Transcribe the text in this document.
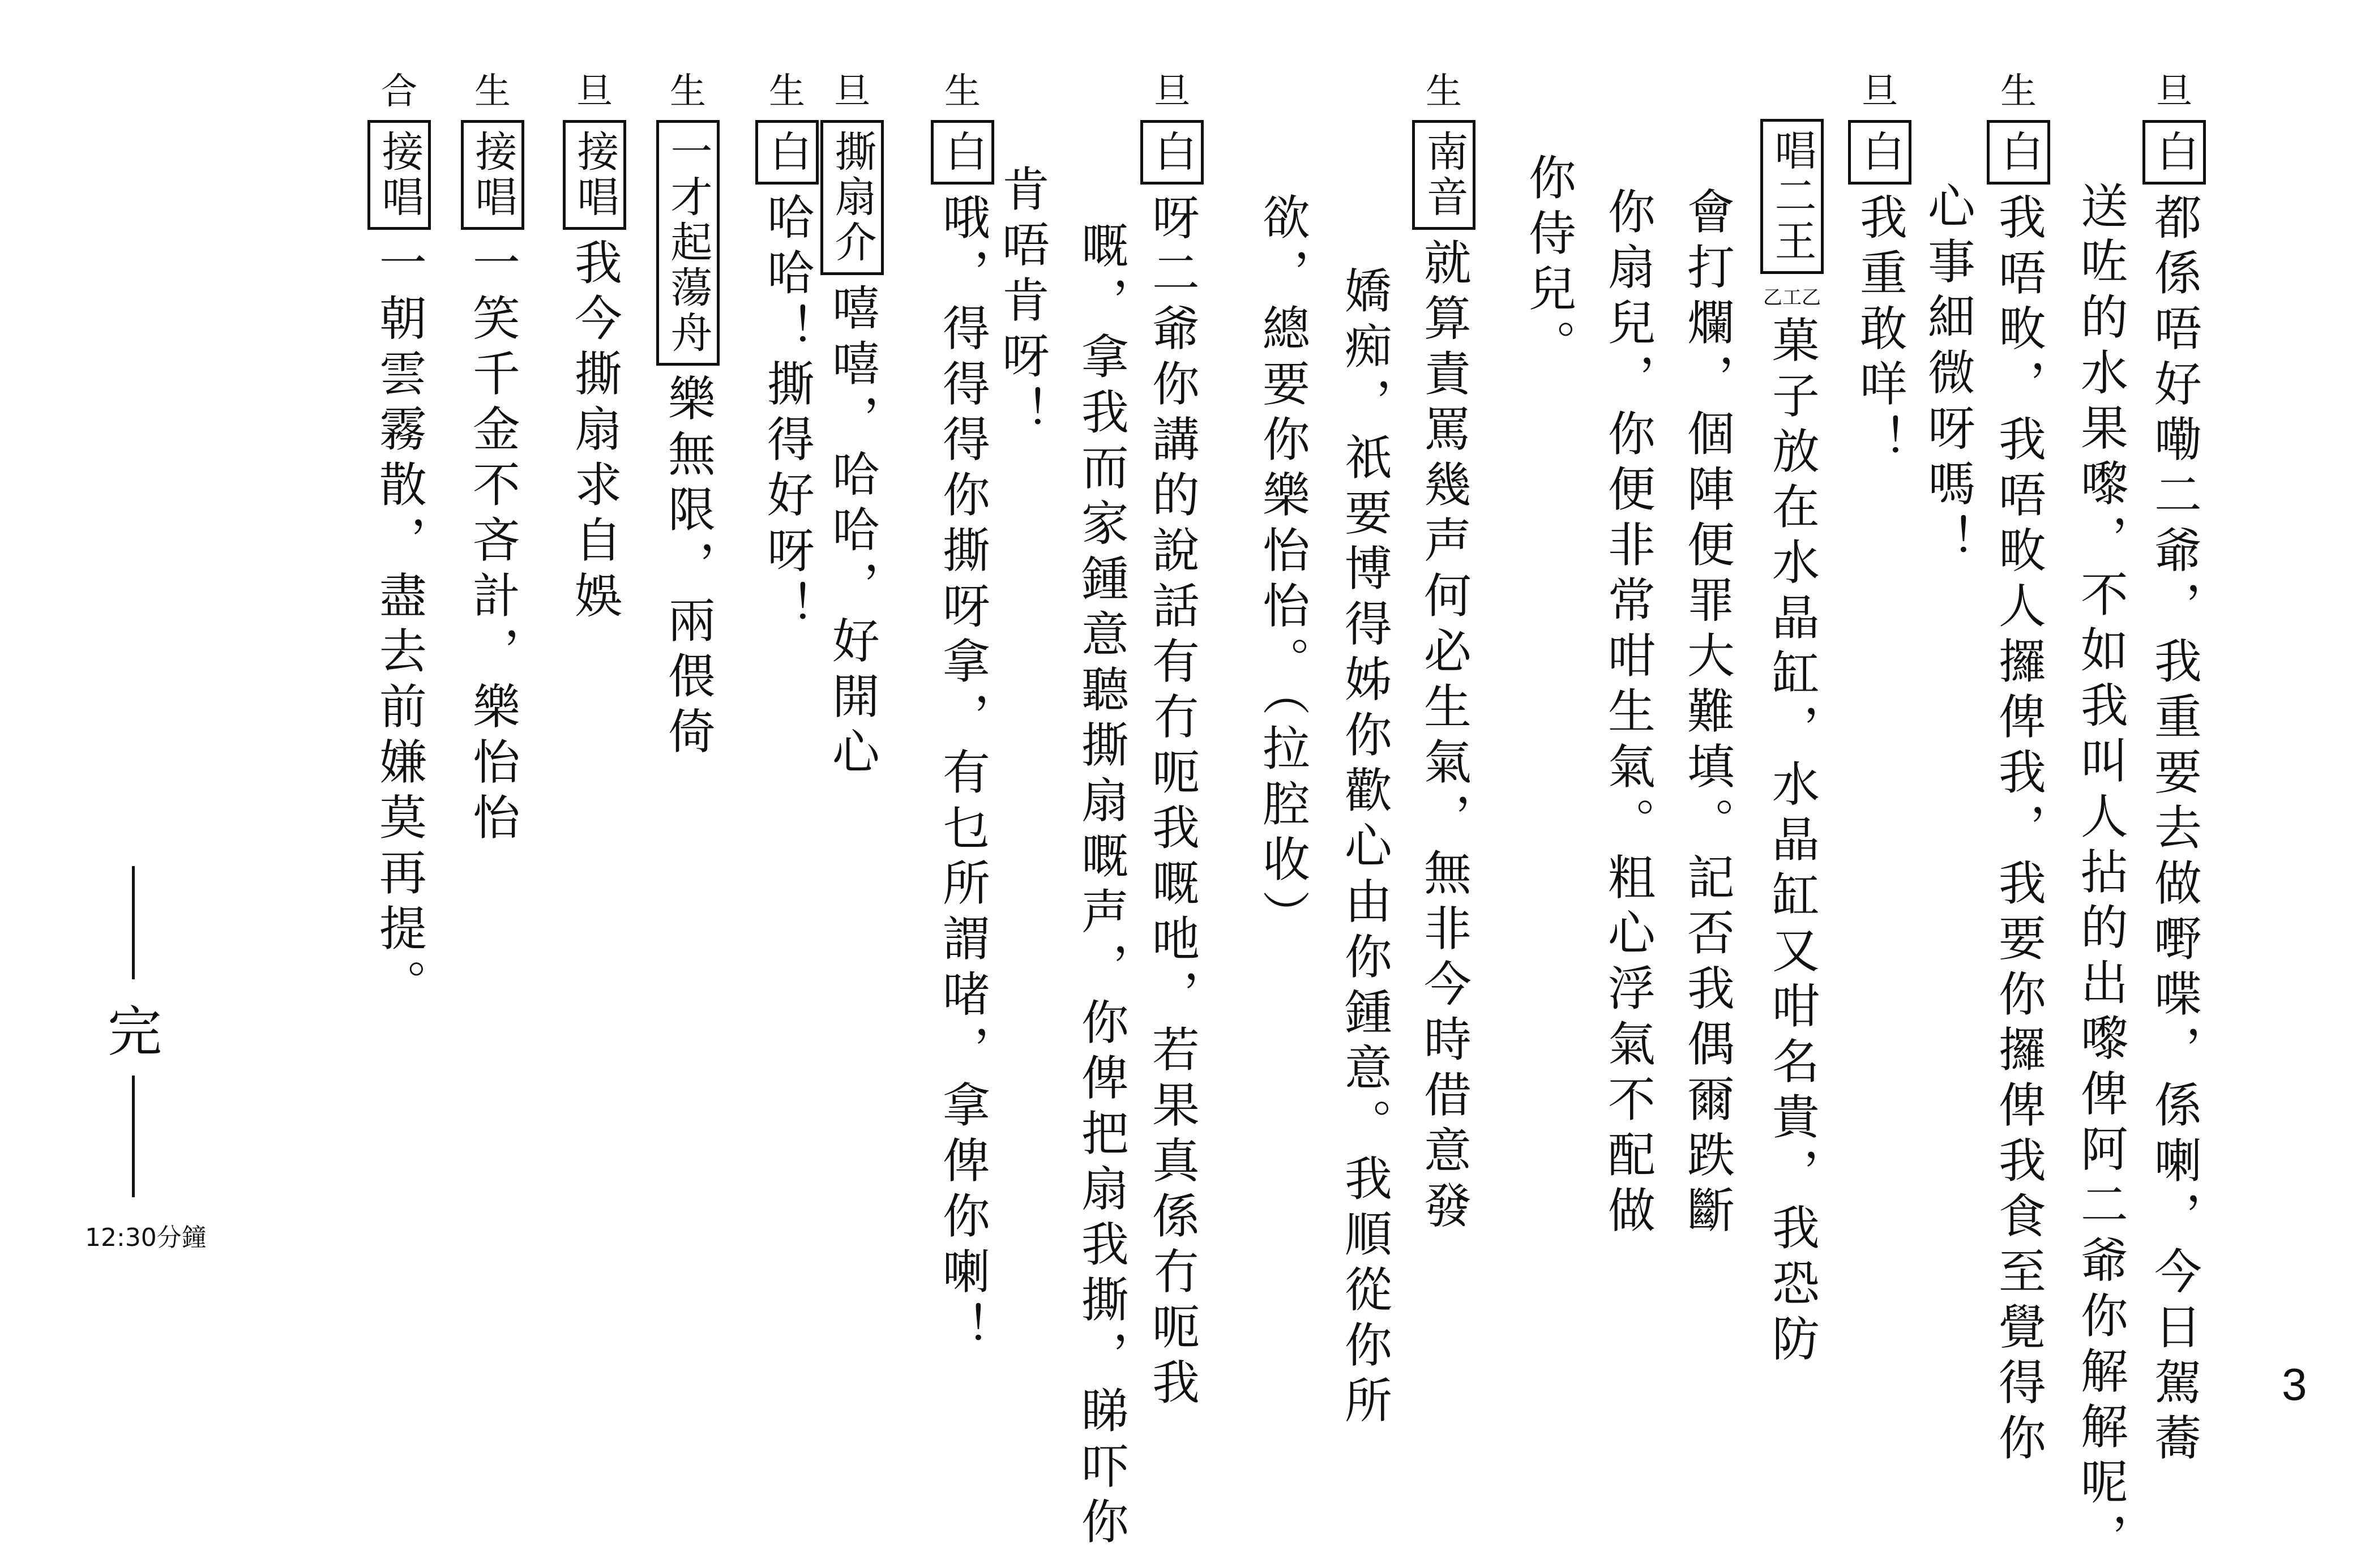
旦
白
都係唔好嘞二爺，我重要去做嘢喋，係喇，今日駕蕎
送咗的水果嚟，不如我叫人拈的出嚟俾阿二爺你解解呢，
生
白
我唔畋，我唔畋人攞俾我，我要你攞俾我食至覺得你
心事細微呀嗎！
旦
白
我重敢咩！
唱二王
乙工乙
菓子放在水晶缸，水晶缸又咁名貴，我恐防
會打爛，個陣便罪大難填。記否我偶爾跌斷
你扇兒，你便非常咁生氣。粗心浮氣不配做
你侍兒。
生
南音
就算責罵幾声何必生氣，無非今時借意發
嬌痴，祇要博得姊你歡心由你鍾意。我順從你所
欲，總要你樂怡怡。（拉腔收）
旦
白
呀二爺你講的說話有冇呃我嘅吔，若果真係冇呃我
嘅，拿我而家鍾意聽撕扇嘅声，你俾把扇我撕，睇吓你
肯唔肯呀！
生
白
哦，得得得你撕呀拿，有乜所謂啫，拿俾你喇！
旦
撕扇介
嘻嘻，哈哈，好開心
生
白
哈哈！撕得好呀！
生
一才起蕩舟
樂無限，兩偎倚
旦
接唱
我今撕扇求自娛
生
接唱
一笑千金不吝計，樂怡怡
合
接唱
一朝雲霧散，盡去前嫌莫再提。
完
12:30分鐘
3
